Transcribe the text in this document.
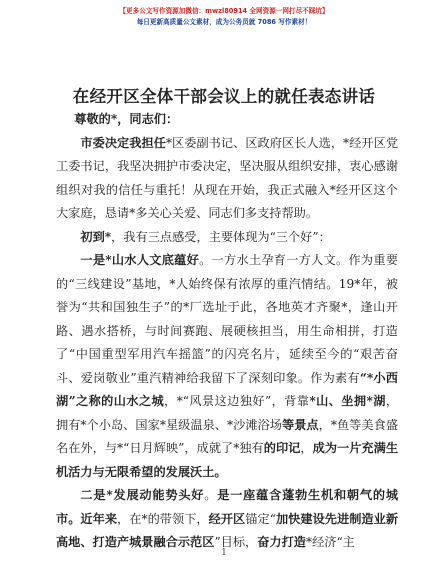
【更多公文写作资源加微信：mwzl80914 全网资源一网打尽不踩坑】
每日更新高质量公文素材，成为公务员就 7086 写作素材！
在经开区全体干部会议上的就任表态讲话

尊敬的*，同志们：

市委决定我担任*区委副书记、区政府区长人选，*经开区党工委书记，我坚决拥护市委决定，坚决服从组织安排，衷心感谢组织对我的信任与重托！从现在开始，我正式融入*经开区这个大家庭，恳请*多关心关爱、同志们多支持帮助。

初到*，我有三点感受，主要体现为“三个好”：

一是*山水人文底蕴好。一方水土孕育一方人文。作为重要的“三线建设”基地，*人始终保有浓厚的重汽情结。19*年，被誉为“共和国独生子”的*厂选址于此，各地英才齐聚*，逢山开路、遇水搭桥，与时间赛跑、展硬核担当，用生命相拼，打造了“中国重型军用汽车摇篮”的闪亮名片，延续至今的“艰苦奋斗、爱岗敬业”重汽精神给我留下了深刻印象。作为素有“*小西湖”之称的山水之城，*“风景这边独好”，背靠*山、坐拥*湖，拥有*个小岛、国家*星级温泉、*沙滩浴场等景点，*鱼等美食盛名在外，与*“日月辉映”，成就了*独有的印记，成为一片充满生机活力与无限希望的发展沃土。

二是*发展动能势头好。是一座蕴含蓬勃生机和朝气的城市。近年来，在*的带领下，经开区锚定“加快建设先进制造业新高地、打造产城景融合示范区”目标，奋力打造*经济“主

1
